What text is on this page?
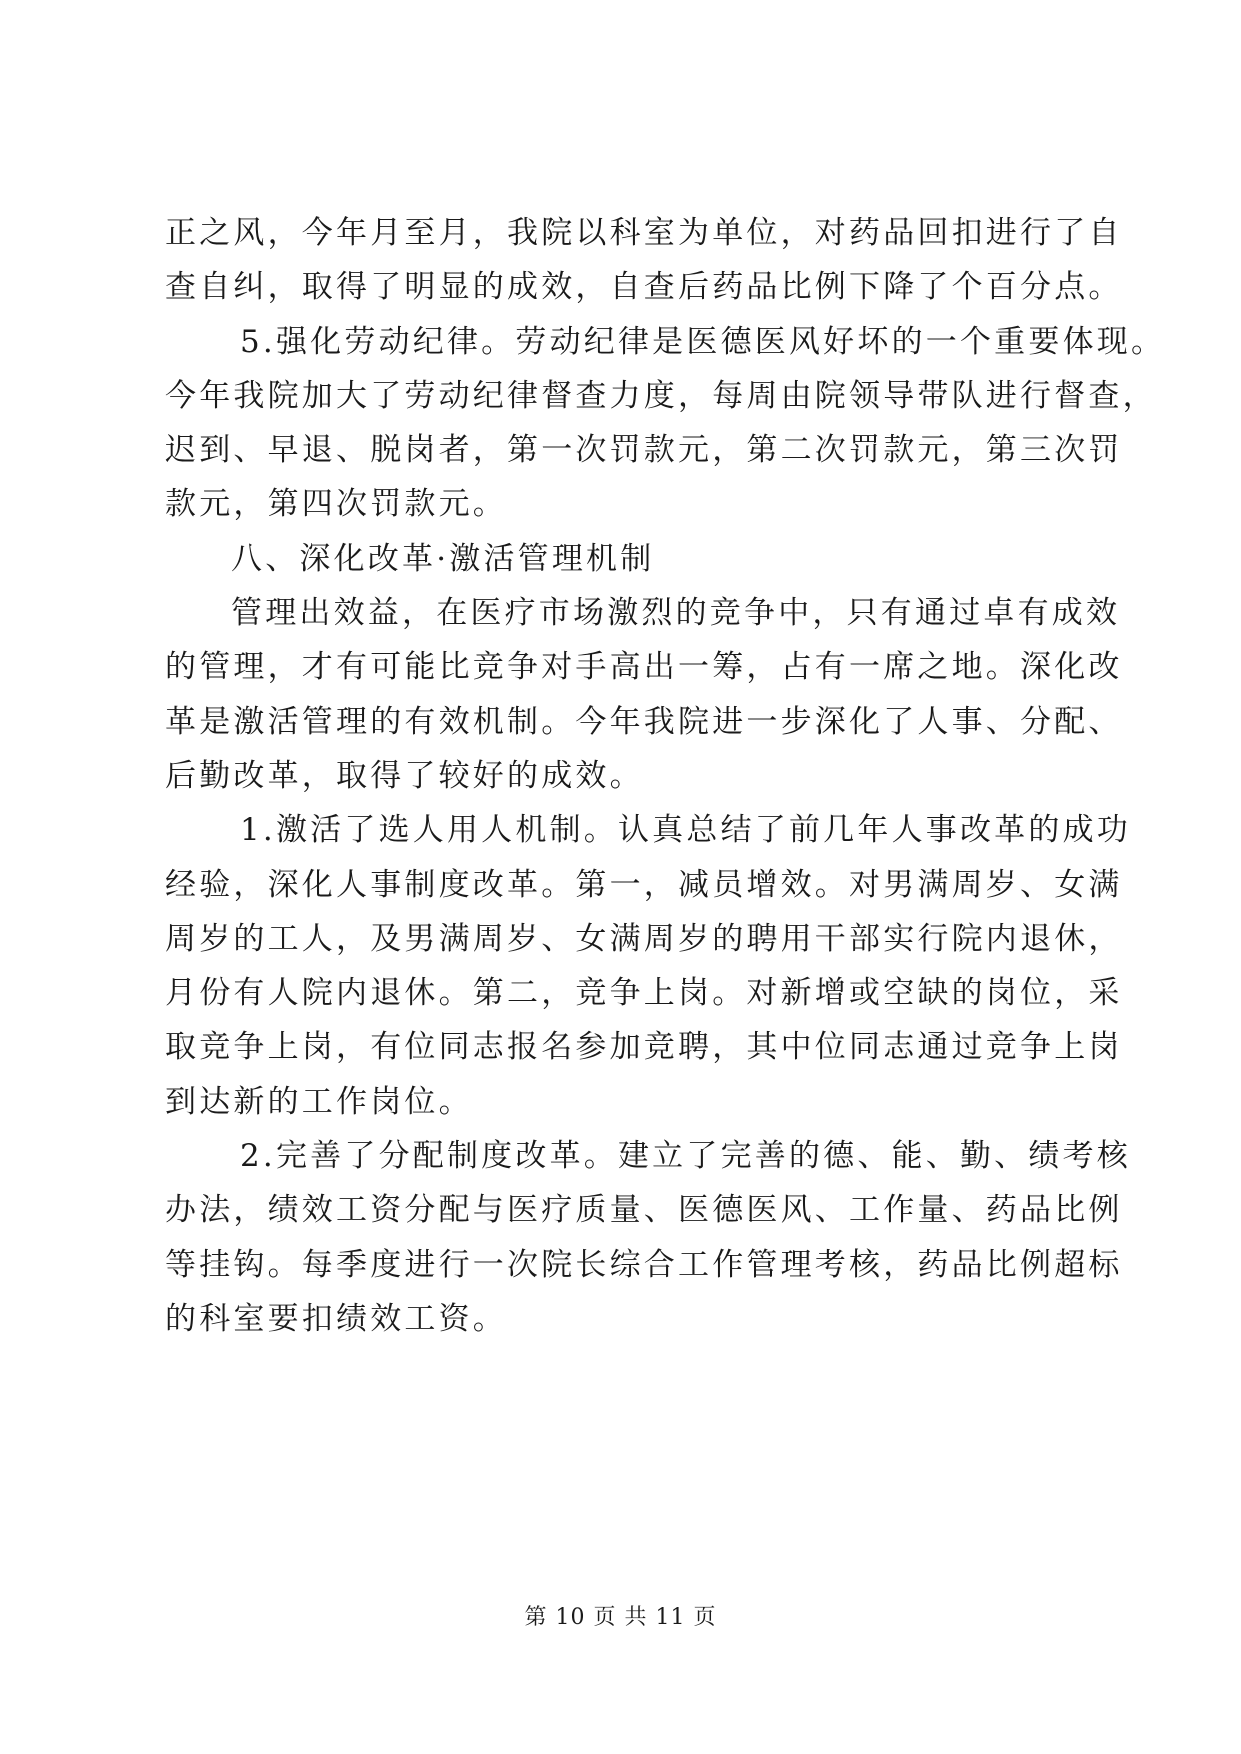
正之风，今年月至月，我院以科室为单位，对药品回扣进行了自
查自纠，取得了明显的成效，自查后药品比例下降了个百分点。
5.强化劳动纪律。劳动纪律是医德医风好坏的一个重要体现。
今年我院加大了劳动纪律督查力度，每周由院领导带队进行督查，
迟到、早退、脱岗者，第一次罚款元，第二次罚款元，第三次罚
款元，第四次罚款元。
八、深化改革·激活管理机制
管理出效益，在医疗市场激烈的竞争中，只有通过卓有成效
的管理，才有可能比竞争对手高出一筹，占有一席之地。深化改
革是激活管理的有效机制。今年我院进一步深化了人事、分配、
后勤改革，取得了较好的成效。
1.激活了选人用人机制。认真总结了前几年人事改革的成功
经验，深化人事制度改革。第一，减员增效。对男满周岁、女满
周岁的工人，及男满周岁、女满周岁的聘用干部实行院内退休，
月份有人院内退休。第二，竞争上岗。对新增或空缺的岗位，采
取竞争上岗，有位同志报名参加竞聘，其中位同志通过竞争上岗
到达新的工作岗位。
2.完善了分配制度改革。建立了完善的德、能、勤、绩考核
办法，绩效工资分配与医疗质量、医德医风、工作量、药品比例
等挂钩。每季度进行一次院长综合工作管理考核，药品比例超标
的科室要扣绩效工资。
第 10 页 共 11 页
